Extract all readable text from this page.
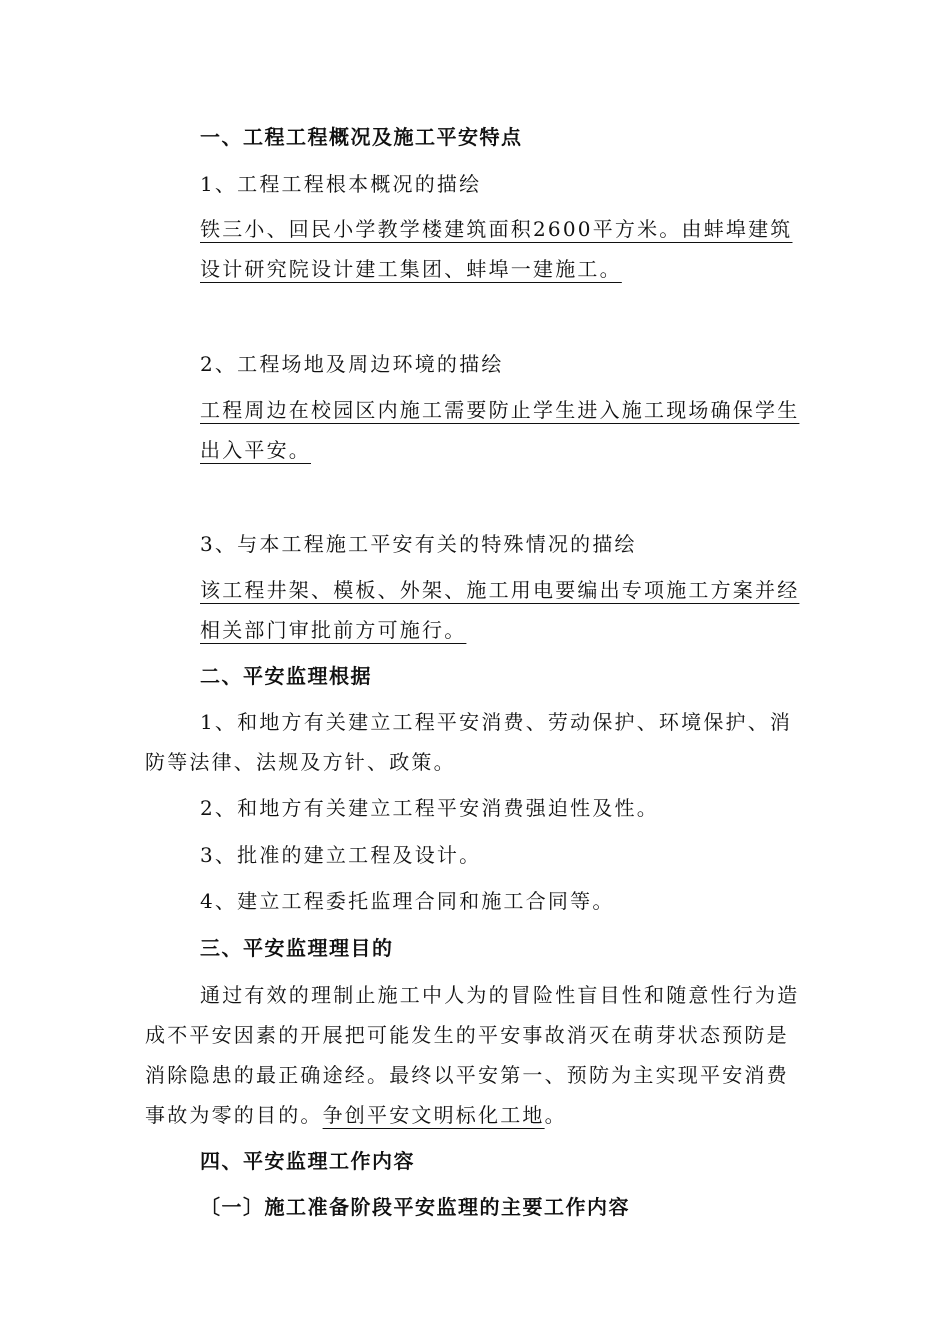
一、工程工程概况及施工平安特点
1、工程工程根本概况的描绘
铁三小、回民小学教学楼建筑面积2600平方米。由蚌埠建筑
设计研究院设计建工集团、蚌埠一建施工。
2、工程场地及周边环境的描绘
工程周边在校园区内施工需要防止学生进入施工现场确保学生
出入平安。
3、与本工程施工平安有关的特殊情况的描绘
该工程井架、模板、外架、施工用电要编出专项施工方案并经
相关部门审批前方可施行。
二、平安监理根据
1、和地方有关建立工程平安消费、劳动保护、环境保护、消
防等法律、法规及方针、政策。
2、和地方有关建立工程平安消费强迫性及性。
3、批准的建立工程及设计。
4、建立工程委托监理合同和施工合同等。
三、平安监理理目的
通过有效的理制止施工中人为的冒险性盲目性和随意性行为造
成不平安因素的开展把可能发生的平安事故消灭在萌芽状态预防是
消除隐患的最正确途经。最终以平安第一、预防为主实现平安消费
事故为零的目的。争创平安文明标化工地。
四、平安监理工作内容
〔一〕施工准备阶段平安监理的主要工作内容
